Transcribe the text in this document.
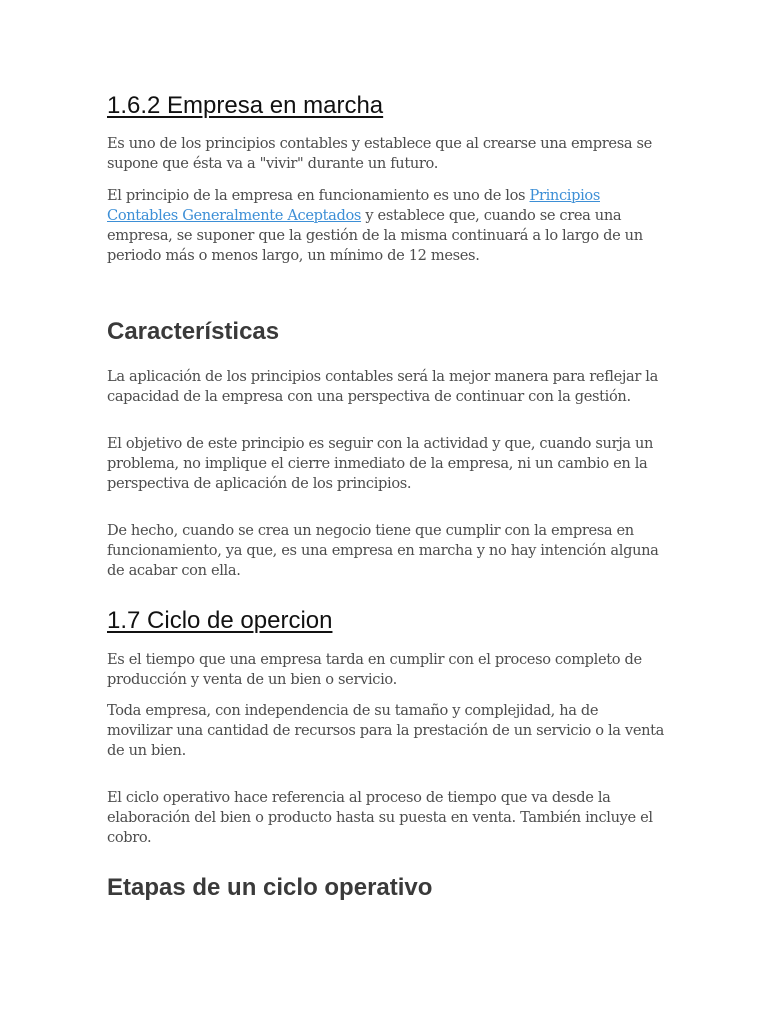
1.6.2 Empresa en marcha

Es uno de los principios contables y establece que al crearse una empresa se supone que ésta va a "vivir" durante un futuro.

El principio de la empresa en funcionamiento es uno de los Principios Contables Generalmente Aceptados y establece que, cuando se crea una empresa, se suponer que la gestión de la misma continuará a lo largo de un periodo más o menos largo, un mínimo de 12 meses.

Características

La aplicación de los principios contables será la mejor manera para reflejar la capacidad de la empresa con una perspectiva de continuar con la gestión.

El objetivo de este principio es seguir con la actividad y que, cuando surja un problema, no implique el cierre inmediato de la empresa, ni un cambio en la perspectiva de aplicación de los principios.

De hecho, cuando se crea un negocio tiene que cumplir con la empresa en funcionamiento, ya que, es una empresa en marcha y no hay intención alguna de acabar con ella.

1.7 Ciclo de opercion

Es el tiempo que una empresa tarda en cumplir con el proceso completo de producción y venta de un bien o servicio.

Toda empresa, con independencia de su tamaño y complejidad, ha de movilizar una cantidad de recursos para la prestación de un servicio o la venta de un bien.

El ciclo operativo hace referencia al proceso de tiempo que va desde la elaboración del bien o producto hasta su puesta en venta. También incluye el cobro.

Etapas de un ciclo operativo
